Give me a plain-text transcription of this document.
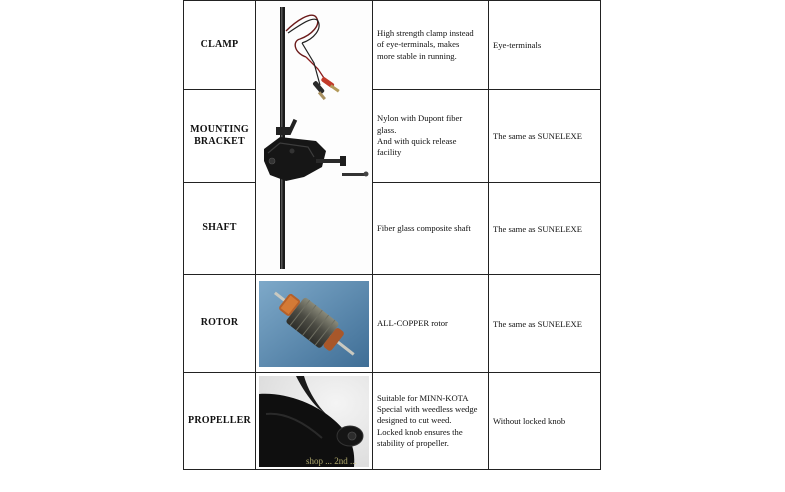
CLAMP		High strength clamp instead
of eye-terminals, makes
more stable in running.	Eye-terminals

MOUNTING
BRACKET		Nylon with Dupont fiber
glass.
And with quick release
facility	The same as SUNELEXE
SHAFT		Fiber glass composite shaft	The same as SUNELEXE
ROTOR		ALL-COPPER rotor	The same as SUNELEXE
PROPELLER	shop ... 2nd ...	Suitable for MINN-KOTA
Special with weedless wedge
designed to cut weed.
Locked knob ensures the
stability of propeller.	Without locked knob
